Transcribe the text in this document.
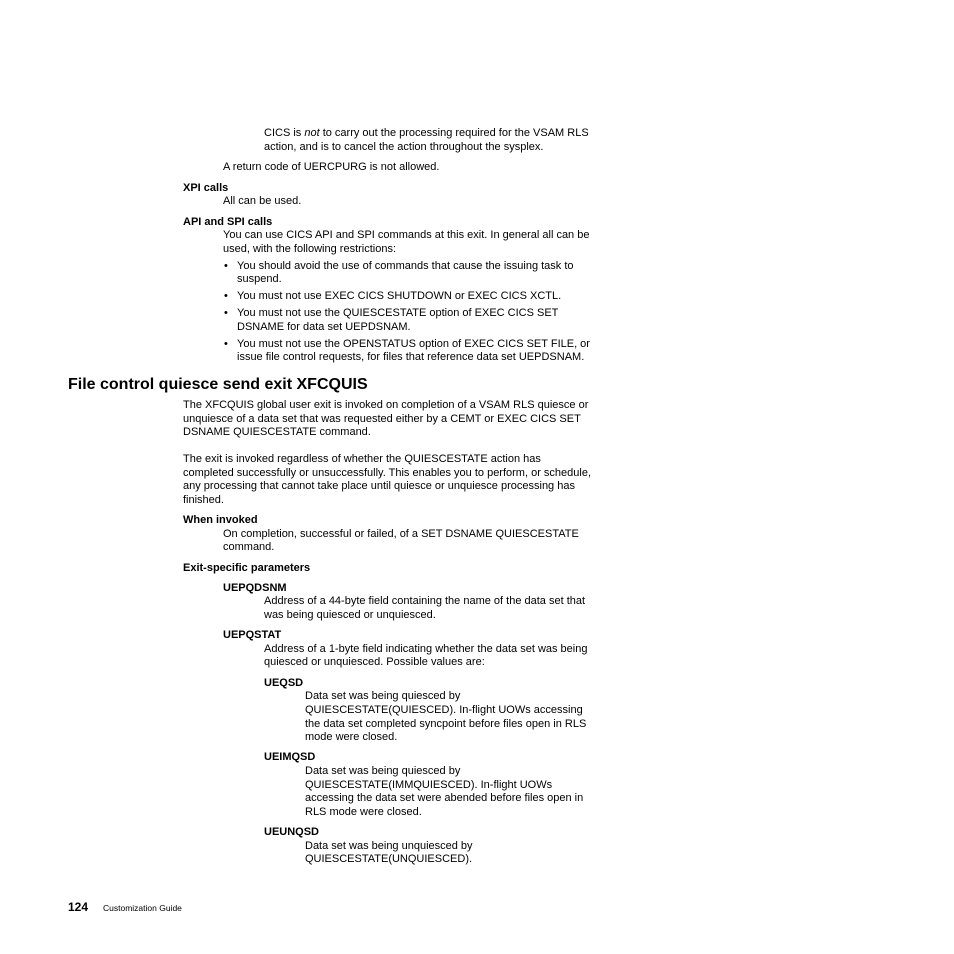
CICS is not to carry out the processing required for the VSAM RLS
action, and is to cancel the action throughout the sysplex.
A return code of UERCPURG is not allowed.
XPI calls
All can be used.
API and SPI calls
You can use CICS API and SPI commands at this exit. In general all can be
used, with the following restrictions:
• You should avoid the use of commands that cause the issuing task to
suspend.
• You must not use EXEC CICS SHUTDOWN or EXEC CICS XCTL.
• You must not use the QUIESCESTATE option of EXEC CICS SET
DSNAME for data set UEPDSNAM.
• You must not use the OPENSTATUS option of EXEC CICS SET FILE, or
issue file control requests, for files that reference data set UEPDSNAM.
File control quiesce send exit XFCQUIS
The XFCQUIS global user exit is invoked on completion of a VSAM RLS quiesce or
unquiesce of a data set that was requested either by a CEMT or EXEC CICS SET
DSNAME QUIESCESTATE command.
The exit is invoked regardless of whether the QUIESCESTATE action has
completed successfully or unsuccessfully. This enables you to perform, or schedule,
any processing that cannot take place until quiesce or unquiesce processing has
finished.
When invoked
On completion, successful or failed, of a SET DSNAME QUIESCESTATE
command.
Exit-specific parameters
UEPQDSNM
Address of a 44-byte field containing the name of the data set that
was being quiesced or unquiesced.
UEPQSTAT
Address of a 1-byte field indicating whether the data set was being
quiesced or unquiesced. Possible values are:
UEQSD
Data set was being quiesced by
QUIESCESTATE(QUIESCED). In-flight UOWs accessing
the data set completed syncpoint before files open in RLS
mode were closed.
UEIMQSD
Data set was being quiesced by
QUIESCESTATE(IMMQUIESCED). In-flight UOWs
accessing the data set were abended before files open in
RLS mode were closed.
UEUNQSD
Data set was being unquiesced by
QUIESCESTATE(UNQUIESCED).
124 Customization Guide
